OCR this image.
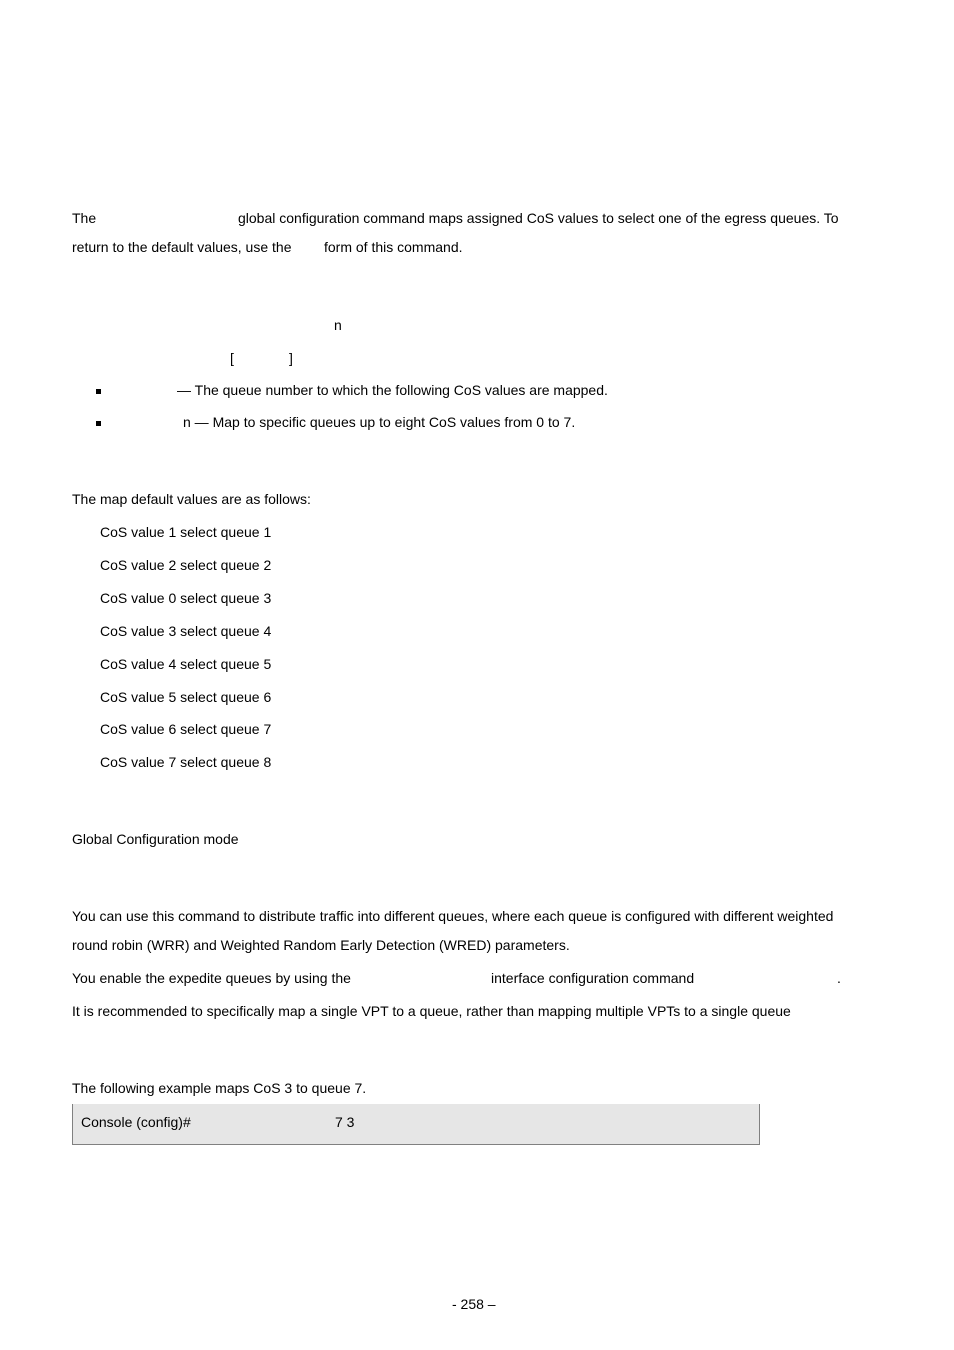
The	global configuration command maps assigned CoS values to select one of the egress queues. To
return to the default values, use the form of this command.
n
[	]
— The queue number to which the following CoS values are mapped.
n — Map to specific queues up to eight CoS values from 0 to 7.
The map default values are as follows:
CoS value 1 select queue 1
CoS value 2 select queue 2
CoS value 0 select queue 3
CoS value 3 select queue 4
CoS value 4 select queue 5
CoS value 5 select queue 6
CoS value 6 select queue 7
CoS value 7 select queue 8
Global Configuration mode
You can use this command to distribute traffic into different queues, where each queue is configured with different weighted
round robin (WRR) and Weighted Random Early Detection (WRED) parameters.
You enable the expedite queues by using the	interface configuration command	.
It is recommended to specifically map a single VPT to a queue, rather than mapping multiple VPTs to a single queue
The following example maps CoS 3 to queue 7.
Console (config)#	7 3
- 258 –
